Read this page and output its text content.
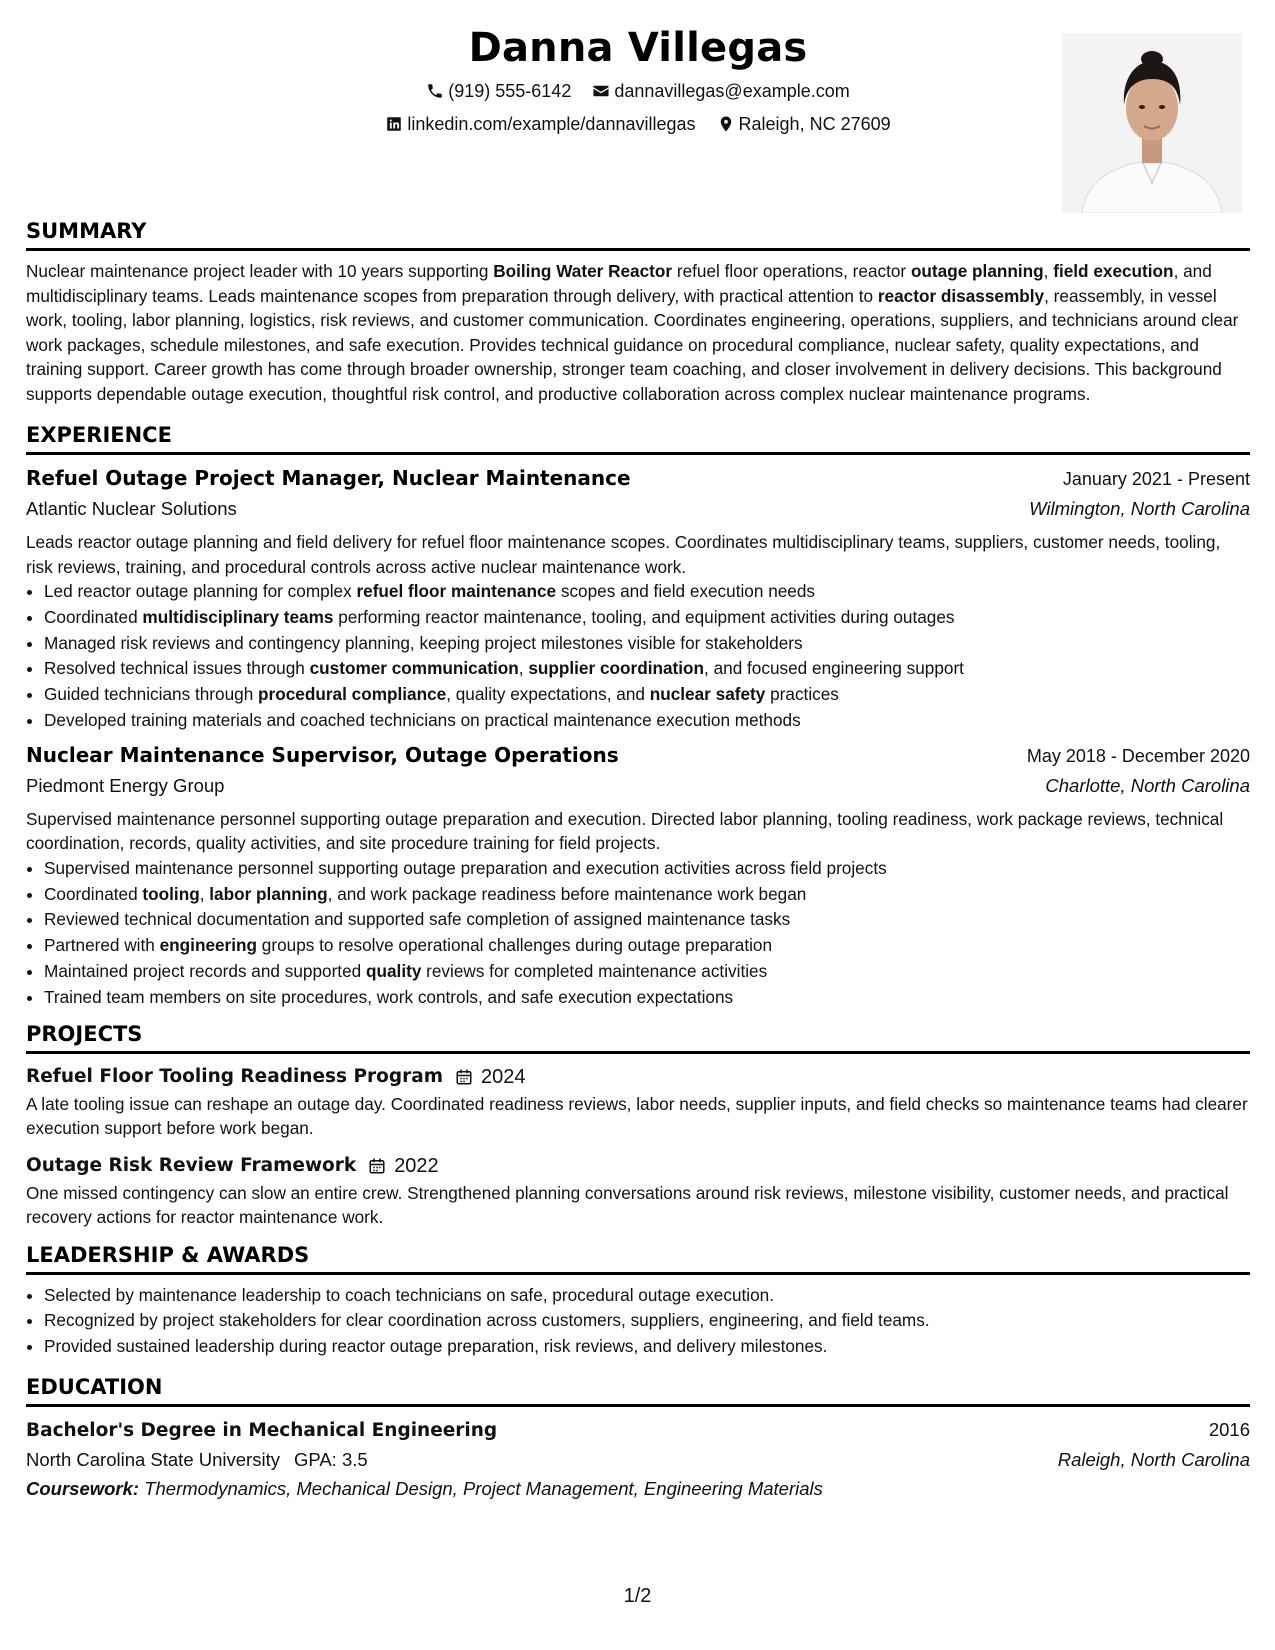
Danna Villegas
(919) 555-6142
dannavillegas@example.com
linkedin.com/example/dannavillegas
Raleigh, NC 27609
SUMMARY

Nuclear maintenance project leader with 10 years supporting Boiling Water Reactor refuel floor operations, reactor outage planning, field execution, and multidisciplinary teams. Leads maintenance scopes from preparation through delivery, with practical attention to reactor disassembly, reassembly, in vessel work, tooling, labor planning, logistics, risk reviews, and customer communication. Coordinates engineering, operations, suppliers, and technicians around clear work packages, schedule milestones, and safe execution. Provides technical guidance on procedural compliance, nuclear safety, quality expectations, and training support. Career growth has come through broader ownership, stronger team coaching, and closer involvement in delivery decisions. This background supports dependable outage execution, thoughtful risk control, and productive collaboration across complex nuclear maintenance programs.

EXPERIENCE
Refuel Outage Project Manager, Nuclear Maintenance	January 2021 - Present
Atlantic Nuclear Solutions	Wilmington, North Carolina

Leads reactor outage planning and field delivery for refuel floor maintenance scopes. Coordinates multidisciplinary teams, suppliers, customer needs, tooling, risk reviews, training, and procedural controls across active nuclear maintenance work.

• Led reactor outage planning for complex refuel floor maintenance scopes and field execution needs
• Coordinated multidisciplinary teams performing reactor maintenance, tooling, and equipment activities during outages
• Managed risk reviews and contingency planning, keeping project milestones visible for stakeholders
• Resolved technical issues through customer communication, supplier coordination, and focused engineering support
• Guided technicians through procedural compliance, quality expectations, and nuclear safety practices
• Developed training materials and coached technicians on practical maintenance execution methods
Nuclear Maintenance Supervisor, Outage Operations	May 2018 - December 2020
Piedmont Energy Group	Charlotte, North Carolina

Supervised maintenance personnel supporting outage preparation and execution. Directed labor planning, tooling readiness, work package reviews, technical coordination, records, quality activities, and site procedure training for field projects.

• Supervised maintenance personnel supporting outage preparation and execution activities across field projects
• Coordinated tooling, labor planning, and work package readiness before maintenance work began
• Reviewed technical documentation and supported safe completion of assigned maintenance tasks
• Partnered with engineering groups to resolve operational challenges during outage preparation
• Maintained project records and supported quality reviews for completed maintenance activities
• Trained team members on site procedures, work controls, and safe execution expectations
PROJECTS
Refuel Floor Tooling Readiness Program 2024

A late tooling issue can reshape an outage day. Coordinated readiness reviews, labor needs, supplier inputs, and field checks so maintenance teams had clearer execution support before work began.

Outage Risk Review Framework 2022

One missed contingency can slow an entire crew. Strengthened planning conversations around risk reviews, milestone visibility, customer needs, and practical recovery actions for reactor maintenance work.

LEADERSHIP & AWARDS
• Selected by maintenance leadership to coach technicians on safe, procedural outage execution.
• Recognized by project stakeholders for clear coordination across customers, suppliers, engineering, and field teams.
• Provided sustained leadership during reactor outage preparation, risk reviews, and delivery milestones.
EDUCATION
Bachelor's Degree in Mechanical Engineering	2016
North Carolina State University GPA: 3.5	Raleigh, North Carolina
Coursework: Thermodynamics, Mechanical Design, Project Management, Engineering Materials
1/2
